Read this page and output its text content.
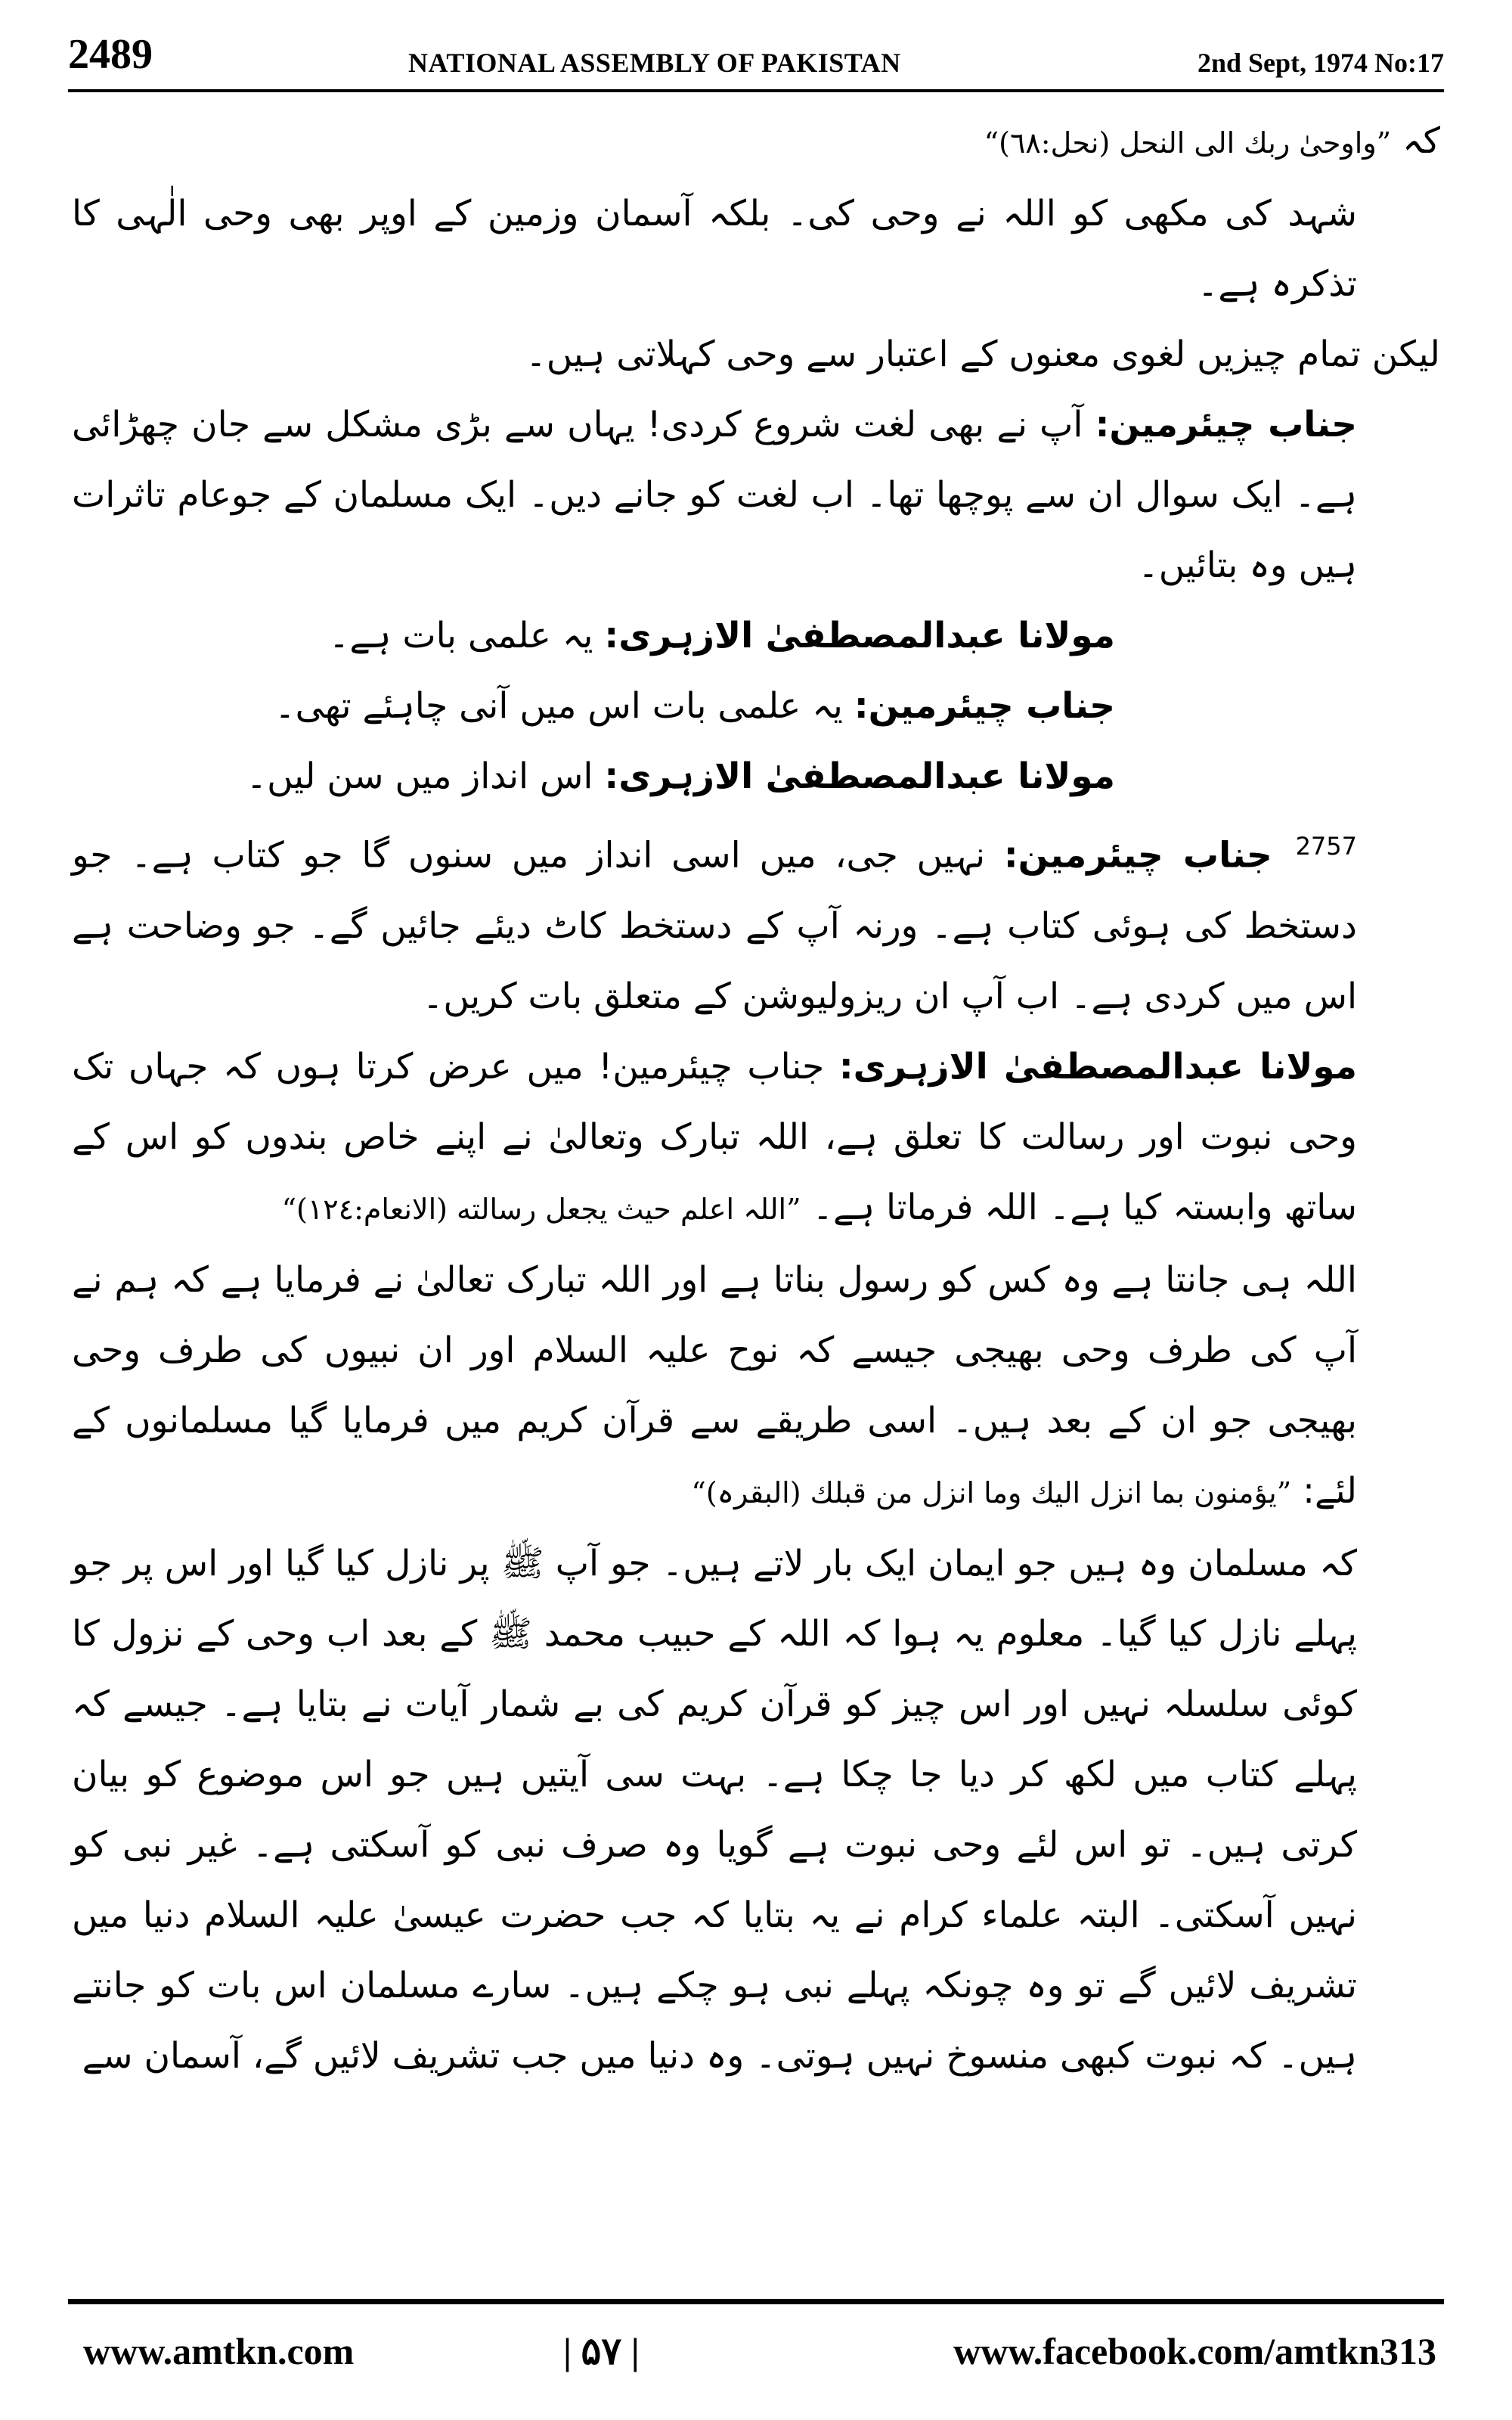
2489	NATIONAL ASSEMBLY OF PAKISTAN	2nd Sept, 1974 No:17

کہ ”واوحیٰ ربك الی النحل (نحل:٦٨)“

شہد کی مکھی کو اللہ نے وحی کی۔ بلکہ آسمان وزمین کے اوپر بھی وحی الٰہی کا تذکرہ ہے۔

لیکن تمام چیزیں لغوی معنوں کے اعتبار سے وحی کہلاتی ہیں۔

جناب چیئرمین: آپ نے بھی لغت شروع کردی! یہاں سے بڑی مشکل سے جان چھڑائی ہے۔ ایک سوال ان سے پوچھا تھا۔ اب لغت کو جانے دیں۔ ایک مسلمان کے جوعام تاثرات ہیں وہ بتائیں۔

مولانا عبدالمصطفیٰ الازہری: یہ علمی بات ہے۔

جناب چیئرمین: یہ علمی بات اس میں آنی چاہئے تھی۔

مولانا عبدالمصطفیٰ الازہری: اس انداز میں سن لیں۔

$^{2757}$ جناب چیئرمین: نہیں جی، میں اسی انداز میں سنوں گا جو کتاب ہے۔ جو دستخط کی ہوئی کتاب ہے۔ ورنہ آپ کے دستخط کاٹ دیئے جائیں گے۔ جو وضاحت ہے اس میں کردی ہے۔ اب آپ ان ریزولیوشن کے متعلق بات کریں۔

مولانا عبدالمصطفیٰ الازہری: جناب چیئرمین! میں عرض کرتا ہوں کہ جہاں تک وحی نبوت اور رسالت کا تعلق ہے، اللہ تبارک وتعالیٰ نے اپنے خاص بندوں کو اس کے ساتھ وابستہ کیا ہے۔ اللہ فرماتا ہے۔ ”اللہ اعلم حیث یجعل رسالته (الانعام:١٢٤)“

اللہ ہی جانتا ہے وہ کس کو رسول بناتا ہے اور اللہ تبارک تعالیٰ نے فرمایا ہے کہ ہم نے آپ کی طرف وحی بھیجی جیسے کہ نوح علیہ السلام اور ان نبیوں کی طرف وحی بھیجی جو ان کے بعد ہیں۔ اسی طریقے سے قرآن کریم میں فرمایا گیا مسلمانوں کے لئے: ”یؤمنون بما انزل الیك وما انزل من قبلك (البقرہ)“

کہ مسلمان وہ ہیں جو ایمان ایک بار لاتے ہیں۔ جو آپ ﷺ پر نازل کیا گیا اور اس پر جو پہلے نازل کیا گیا۔ معلوم یہ ہوا کہ اللہ کے حبیب محمد ﷺ کے بعد اب وحی کے نزول کا کوئی سلسلہ نہیں اور اس چیز کو قرآن کریم کی بے شمار آیات نے بتایا ہے۔ جیسے کہ پہلے کتاب میں لکھ کر دیا جا چکا ہے۔ بہت سی آیتیں ہیں جو اس موضوع کو بیان کرتی ہیں۔ تو اس لئے وحی نبوت ہے گویا وہ صرف نبی کو آسکتی ہے۔ غیر نبی کو نہیں آسکتی۔ البتہ علماء کرام نے یہ بتایا کہ جب حضرت عیسیٰ علیہ السلام دنیا میں تشریف لائیں گے تو وہ چونکہ پہلے نبی ہو چکے ہیں۔ سارے مسلمان اس بات کو جانتے ہیں۔ کہ نبوت کبھی منسوخ نہیں ہوتی۔ وہ دنیا میں جب تشریف لائیں گے، آسمان سے

www.amtkn.com	| ۵۷ |	www.facebook.com/amtkn313
